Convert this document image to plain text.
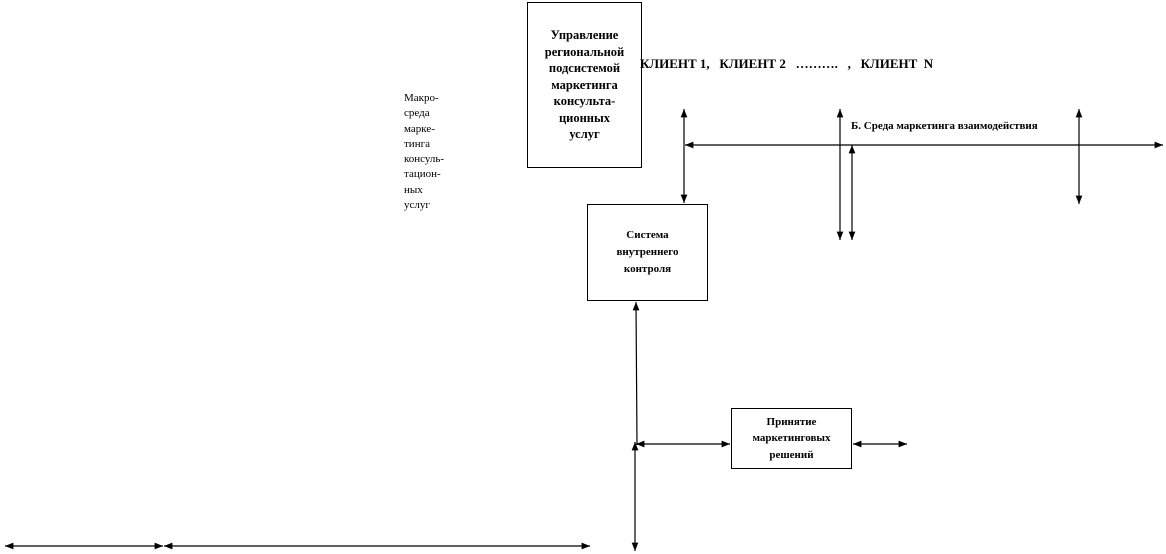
Управление
региональной
подсистемой
маркетинга
консульта-
ционных
услуг
Система
внутреннего
контроля
Принятие
маркетинговых
решений
КЛИЕНТ 1,   КЛИЕНТ 2   ……….   ,   КЛИЕНТ  N
Б. Среда маркетинга взаимодействия
Макро-
среда
марке-
тинга
консуль-
тацион-
ных
услуг
